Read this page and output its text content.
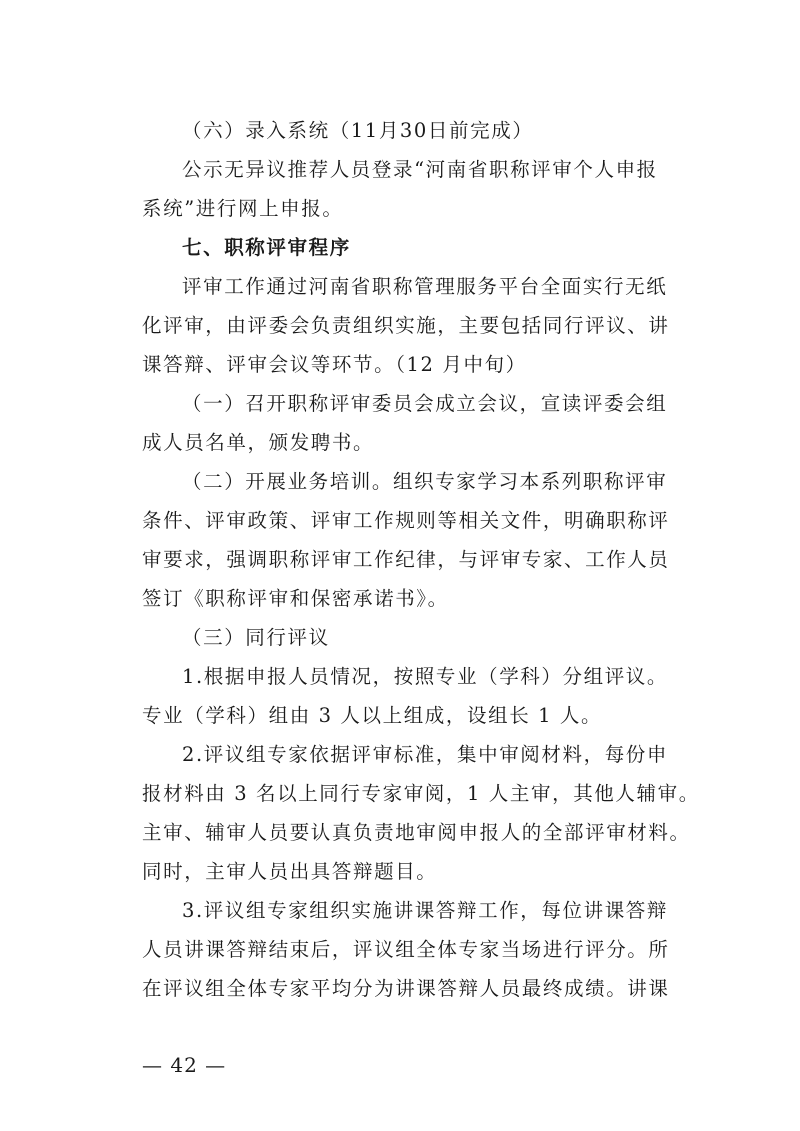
（六）录入系统（11月30日前完成）
公示无异议推荐人员登录“河南省职称评审个人申报
系统”进行网上申报。
七、职称评审程序
评审工作通过河南省职称管理服务平台全面实行无纸
化评审，由评委会负责组织实施，主要包括同行评议、讲
课答辩、评审会议等环节。（12 月中旬）
（一）召开职称评审委员会成立会议，宣读评委会组
成人员名单，颁发聘书。
（二）开展业务培训。组织专家学习本系列职称评审
条件、评审政策、评审工作规则等相关文件，明确职称评
审要求，强调职称评审工作纪律，与评审专家、工作人员
签订《职称评审和保密承诺书》。
（三）同行评议
1.根据申报人员情况，按照专业（学科）分组评议。
专业（学科）组由 3 人以上组成，设组长 1 人。
2.评议组专家依据评审标准，集中审阅材料，每份申
报材料由 3 名以上同行专家审阅，1 人主审，其他人辅审。
主审、辅审人员要认真负责地审阅申报人的全部评审材料。
同时，主审人员出具答辩题目。
3.评议组专家组织实施讲课答辩工作，每位讲课答辩
人员讲课答辩结束后，评议组全体专家当场进行评分。所
在评议组全体专家平均分为讲课答辩人员最终成绩。讲课
— 42 —
